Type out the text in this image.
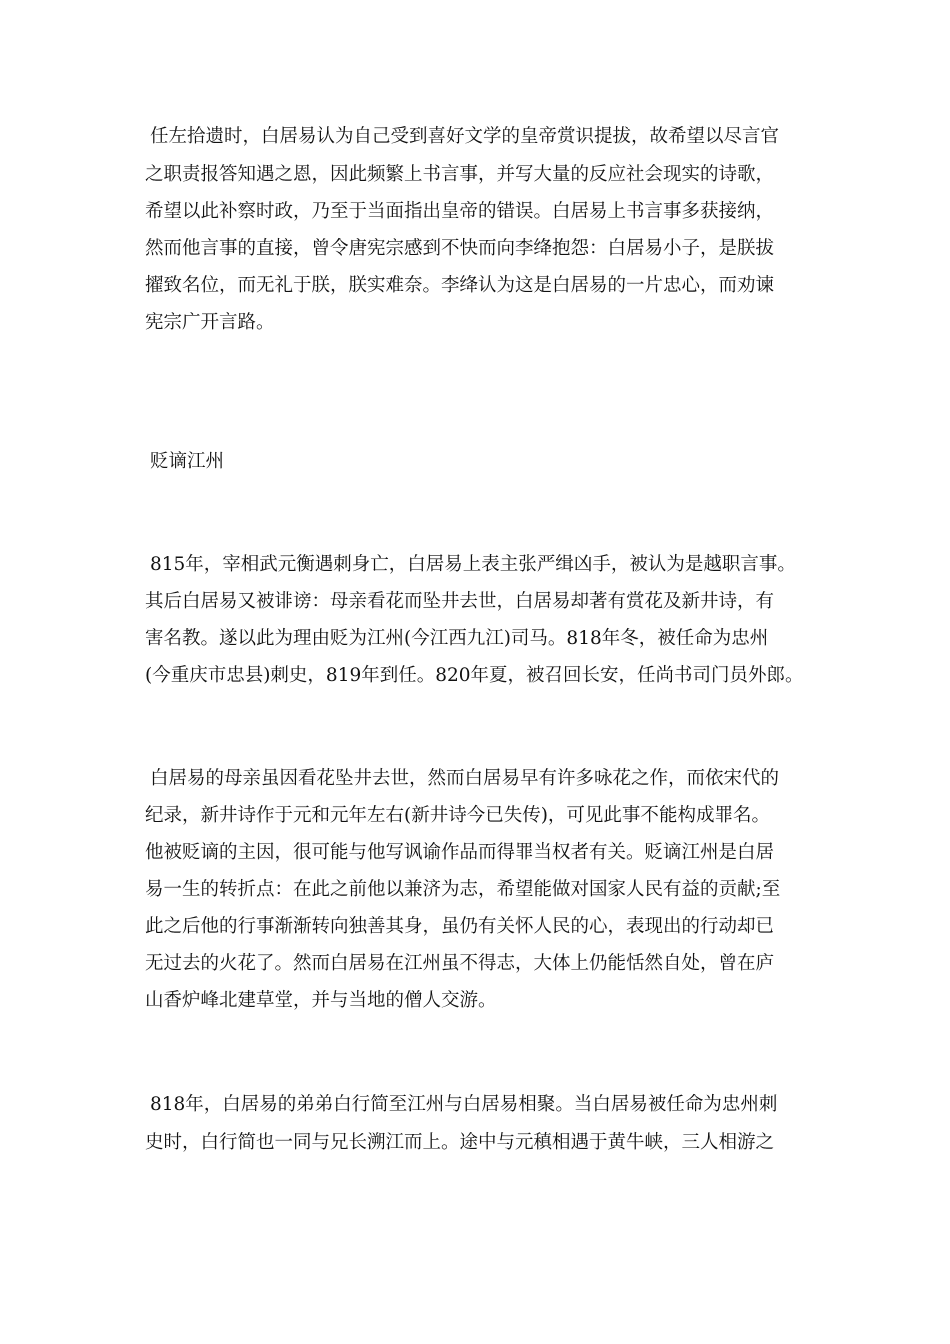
任左拾遗时，白居易认为自己受到喜好文学的皇帝赏识提拔，故希望以尽言官
之职责报答知遇之恩，因此频繁上书言事，并写大量的反应社会现实的诗歌，
希望以此补察时政，乃至于当面指出皇帝的错误。白居易上书言事多获接纳，
然而他言事的直接，曾令唐宪宗感到不快而向李绛抱怨：白居易小子，是朕拔
擢致名位，而无礼于朕，朕实难奈。李绛认为这是白居易的一片忠心，而劝谏
宪宗广开言路。
贬谪江州
815年，宰相武元衡遇刺身亡，白居易上表主张严缉凶手，被认为是越职言事。
其后白居易又被诽谤：母亲看花而坠井去世，白居易却著有赏花及新井诗，有
害名教。遂以此为理由贬为江州(今江西九江)司马。818年冬，被任命为忠州
(今重庆市忠县)刺史，819年到任。820年夏，被召回长安，任尚书司门员外郎。
白居易的母亲虽因看花坠井去世，然而白居易早有许多咏花之作，而依宋代的
纪录，新井诗作于元和元年左右(新井诗今已失传)，可见此事不能构成罪名。
他被贬谪的主因，很可能与他写讽谕作品而得罪当权者有关。贬谪江州是白居
易一生的转折点：在此之前他以兼济为志，希望能做对国家人民有益的贡献;至
此之后他的行事渐渐转向独善其身，虽仍有关怀人民的心，表现出的行动却已
无过去的火花了。然而白居易在江州虽不得志，大体上仍能恬然自处，曾在庐
山香炉峰北建草堂，并与当地的僧人交游。
818年，白居易的弟弟白行简至江州与白居易相聚。当白居易被任命为忠州刺
史时，白行简也一同与兄长溯江而上。途中与元稹相遇于黄牛峡，三人相游之
